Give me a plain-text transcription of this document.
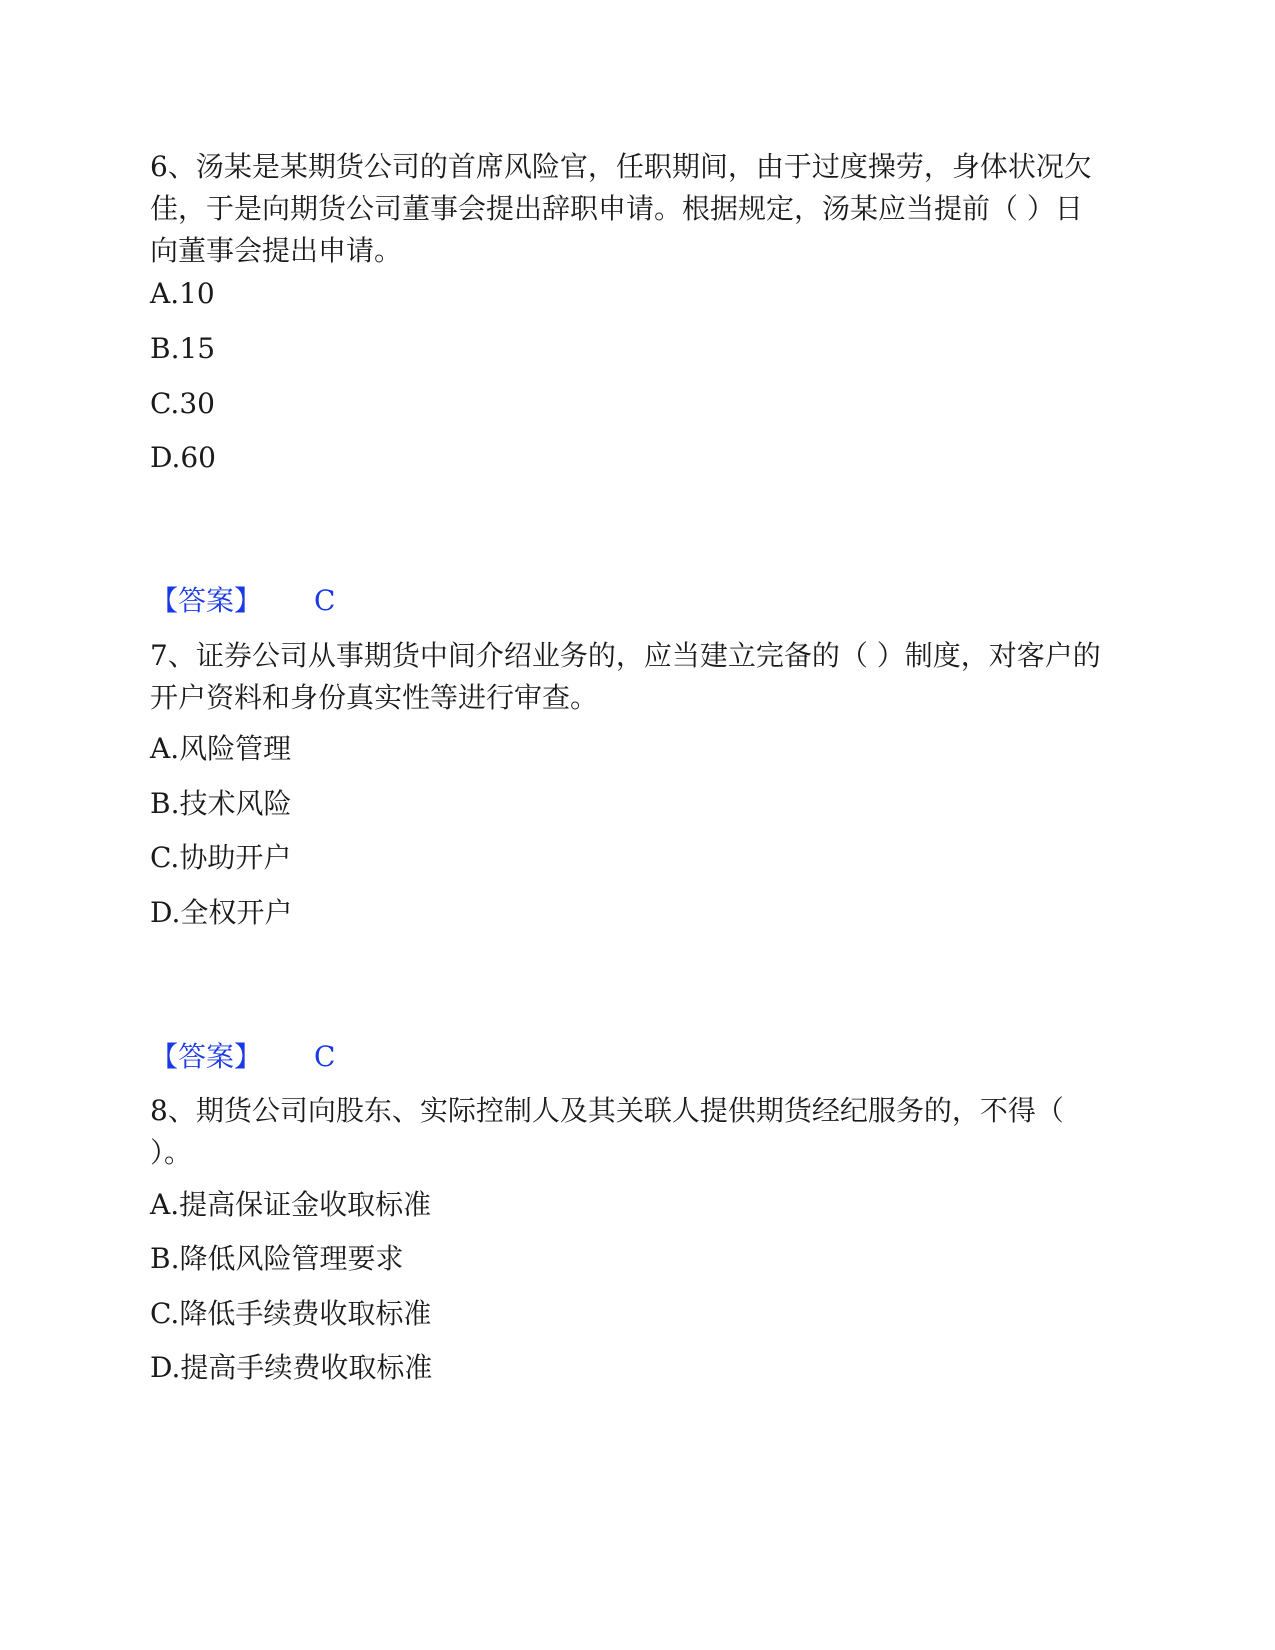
6、汤某是某期货公司的首席风险官，任职期间，由于过度操劳，身体状况欠佳，于是向期货公司董事会提出辞职申请。根据规定，汤某应当提前（ ）日向董事会提出申请。

A.10

B.15

C.30

D.60

【答案】 C

7、证券公司从事期货中间介绍业务的，应当建立完备的（ ）制度，对客户的开户资料和身份真实性等进行审查。

A.风险管理

B.技术风险

C.协助开户

D.全权开户

【答案】 C

8、期货公司向股东、实际控制人及其关联人提供期货经纪服务的，不得（ ）。

A.提高保证金收取标准

B.降低风险管理要求

C.降低手续费收取标准

D.提高手续费收取标准
